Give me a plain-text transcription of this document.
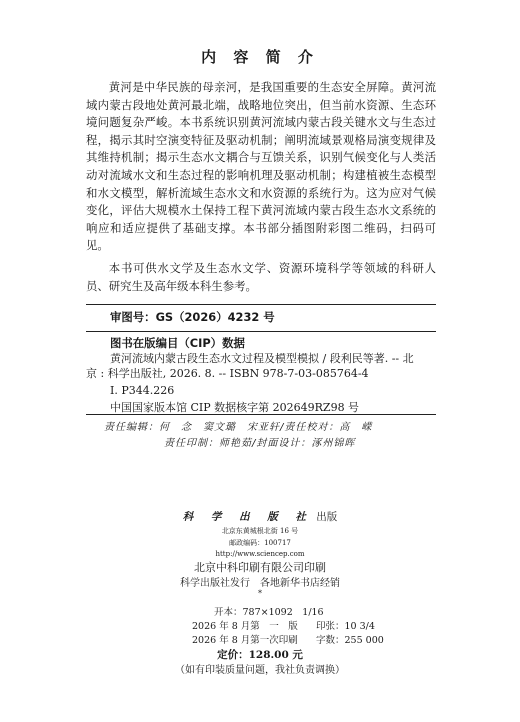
内 容 简 介

黄河是中华民族的母亲河，是我国重要的生态安全屏障。黄河流域内蒙古段地处黄河最北端，战略地位突出，但当前水资源、生态环境问题复杂严峻。本书系统识别黄河流域内蒙古段关键水文与生态过程，揭示其时空演变特征及驱动机制；阐明流域景观格局演变规律及其维持机制；揭示生态水文耦合与互馈关系，识别气候变化与人类活动对流域水文和生态过程的影响机理及驱动机制；构建植被生态模型和水文模型，解析流域生态水文和水资源的系统行为。这为应对气候变化，评估大规模水土保持工程下黄河流域内蒙古段生态水文系统的响应和适应提供了基础支撑。本书部分插图附彩图二维码，扫码可见。

本书可供水文学及生态水文学、资源环境科学等领域的科研人员、研究生及高年级本科生参考。

审图号：GS（2026）4232 号
图书在版编目（CIP）数据
黄河流域内蒙古段生态水文过程及模型模拟 / 段利民等著. -- 北
京 : 科学出版社, 2026. 8. -- ISBN 978-7-03-085764-4
I. P344.226
中国国家版本馆 CIP 数据核字第 202649RZ98 号
责任编辑：何　念　窦文璐　宋亚轩/责任校对：高　嵘
责任印制：师艳茹/封面设计：涿州锦晖
科 学 出 版 社 出版
北京东黄城根北街 16 号
邮政编码：100717
http://www.sciencep.com
北京中科印刷有限公司印刷
科学出版社发行　各地新华书店经销
*
开本：787×1092　1/16
2026 年 8 月第　一　版 印张：10 3/4
2026 年 8 月第一次印刷 字数：255 000
定价：128.00 元
（如有印装质量问题，我社负责调换）
